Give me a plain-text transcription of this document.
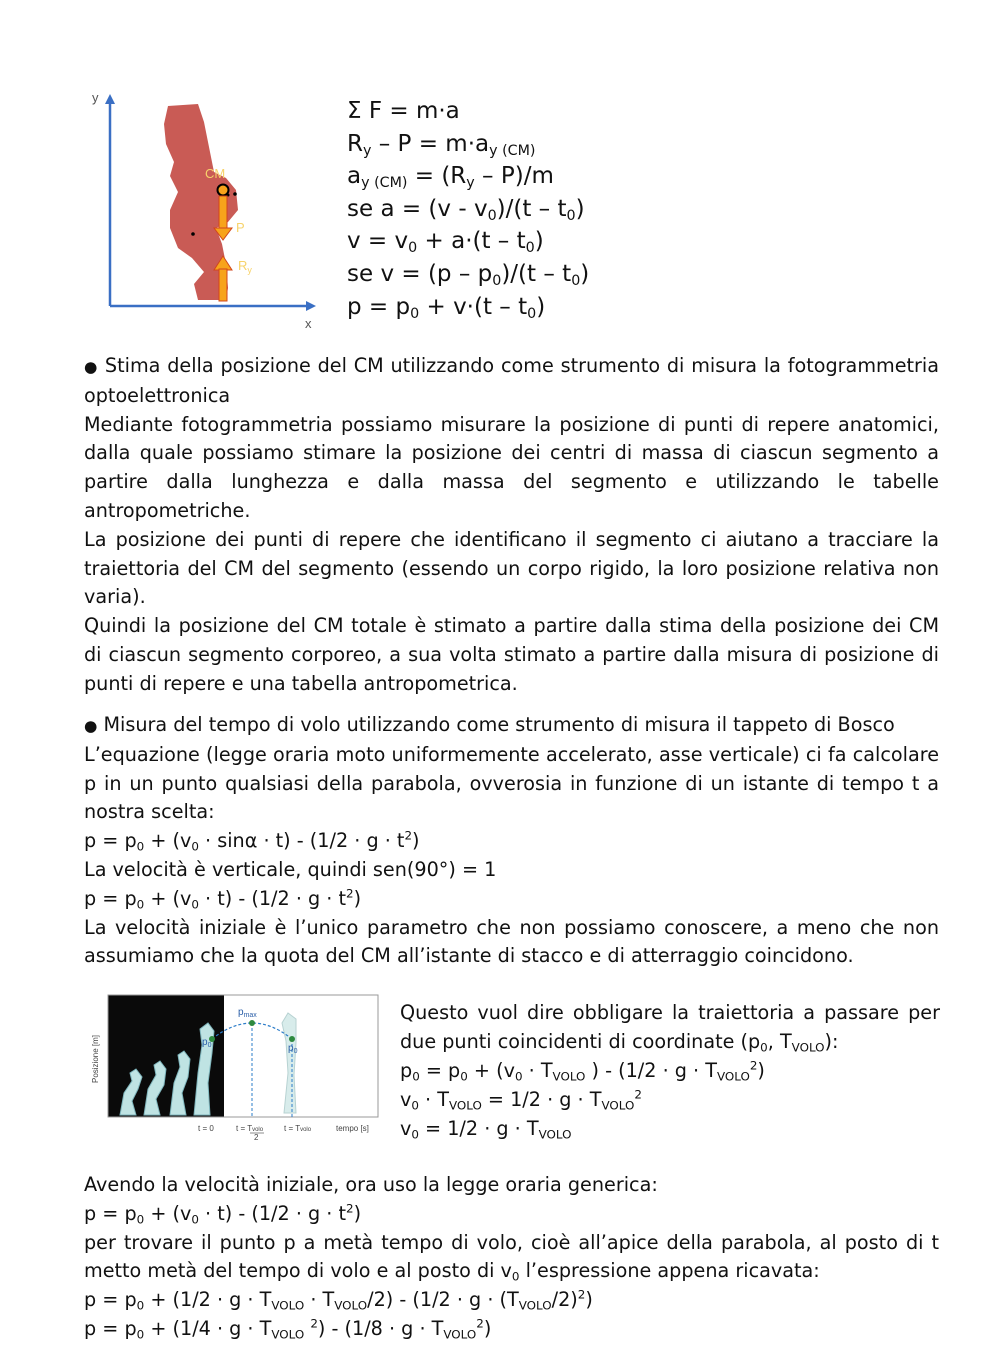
y
x
CM
P
$R_y$
Σ F = m·a
$R_y - P = m\cdot a_{y (CM)}$
$a_{y (CM)} = (R_y - P)/m$
se $a = (v - v_0)/(t - t_0)$
$v = v_0 + a\cdot(t - t_0)$
se $v = (p - p_0)/(t - t_0)$
$p = p_0 + v\cdot(t - t_0)$

● Stima della posizione del CM utilizzando come strumento di misura la fotogrammetria optoelettronica

Mediante fotogrammetria possiamo misurare la posizione di punti di repere anatomici, dalla quale possiamo stimare la posizione dei centri di massa di ciascun segmento a partire dalla lunghezza e dalla massa del segmento e utilizzando le tabelle antropometriche.

La posizione dei punti di repere che identificano il segmento ci aiutano a tracciare la traiettoria del CM del segmento (essendo un corpo rigido, la loro posizione relativa non varia).

Quindi la posizione del CM totale è stimato a partire dalla stima della posizione dei CM di ciascun segmento corporeo, a sua volta stimato a partire dalla misura di posizione di punti di repere e una tabella antropometrica.

● Misura del tempo di volo utilizzando come strumento di misura il tappeto di Bosco

L’equazione (legge oraria moto uniformemente accelerato, asse verticale) ci fa calcolare p in un punto qualsiasi della parabola, ovverosia in funzione di un istante di tempo t a nostra scelta:

$p = p_0 + (v_0 \cdot \sin\alpha \cdot t) - (1/2 \cdot g \cdot t^2)$

La velocità è verticale, quindi sen(90°) = 1

$p = p_0 + (v_0 \cdot t) - (1/2 \cdot g \cdot t^2)$

La velocità iniziale è l’unico parametro che non possiamo conoscere, a meno che non assumiamo che la quota del CM all’istante di stacco e di atterraggio coincidono.

Posizione [m]
$p_{max}$
$p_0$	$p_0$
tempo [s]
t = 0	t = Tvolo
2
t = Tvolo

Questo vuol dire obbligare la traiettoria a passare per due punti coincidenti di coordinate ($p_0$, $T_{VOLO}$):

$p_0 = p_0 + (v_0 \cdot T_{VOLO}$ ) - $(1/2 \cdot g \cdot T_{VOLO}^2)$

$v_0 \cdot T_{VOLO} = 1/2 \cdot g \cdot T_{VOLO}^2$

$v_0 = 1/2 \cdot g \cdot T_{VOLO}$

Avendo la velocità iniziale, ora uso la legge oraria generica:

$p = p_0 + (v_0 \cdot t) - (1/2 \cdot g \cdot t^2)$

per trovare il punto p a metà tempo di volo, cioè all’apice della parabola, al posto di t metto metà del tempo di volo e al posto di $v_0$ l’espressione appena ricavata:

$p = p_0 + (1/2 \cdot g \cdot T_{VOLO} \cdot T_{VOLO}/2) - (1/2 \cdot g \cdot (T_{VOLO}/2)^2)$

$p = p_0 + (1/4 \cdot g \cdot T_{VOLO}$ $^2) - (1/8 \cdot g \cdot T_{VOLO}^2)$
